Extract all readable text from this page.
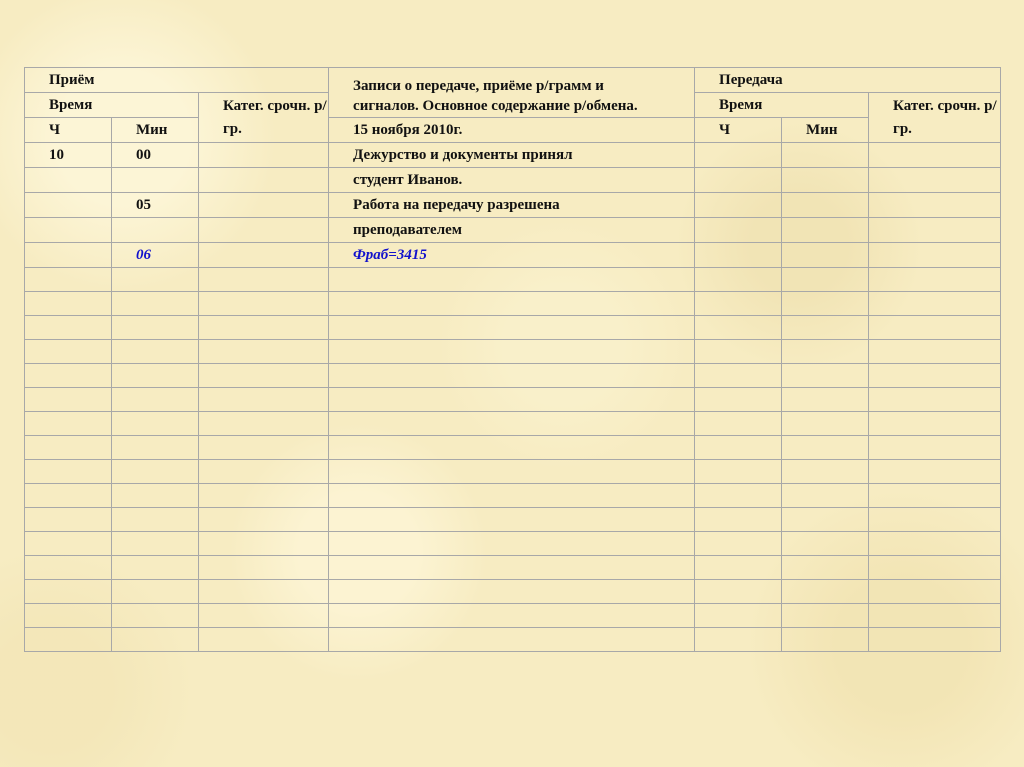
Приём			Записи о передаче, приёме р/грамм и сигналов. Основное содержание р/обмена.	Передача		
Время		Катег. срочн. р/гр.		Время		Катег. срочн. р/гр.
Ч	Мин			Ч	Мин	
			15 ноября 2010г.			
10	00		Дежурство и документы принял			
			студент Иванов.			
	05		Работа на передачу разрешена			
			преподавателем			
	06		Фраб=3415			
